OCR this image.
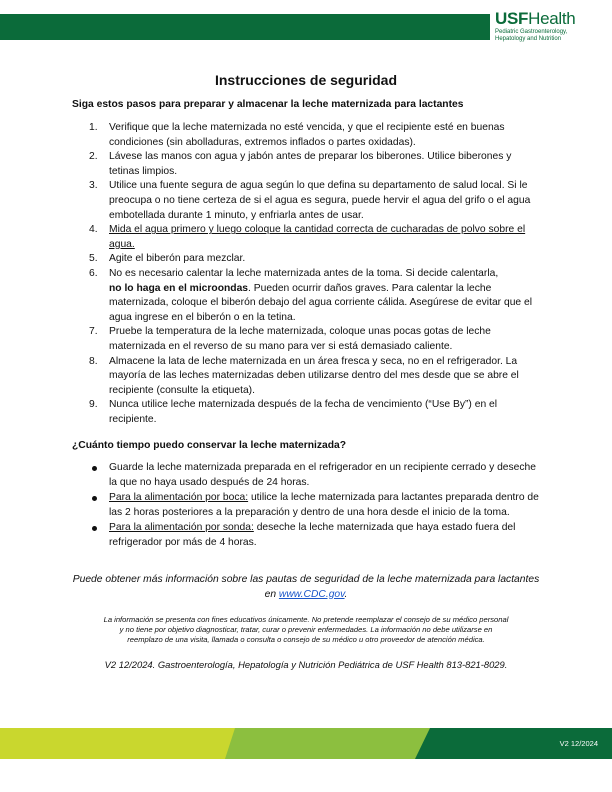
USFHealth
Pediatric Gastroenterology,
Hepatology and Nutrition
Instrucciones de seguridad
Siga estos pasos para preparar y almacenar la leche maternizada para lactantes
1. Verifique que la leche maternizada no esté vencida, y que el recipiente esté en buenas condiciones (sin abolladuras, extremos inflados o partes oxidadas).
2. Lávese las manos con agua y jabón antes de preparar los biberones. Utilice biberones y tetinas limpios.
3. Utilice una fuente segura de agua según lo que defina su departamento de salud local. Si le preocupa o no tiene certeza de si el agua es segura, puede hervir el agua del grifo o el agua embotellada durante 1 minuto, y enfriarla antes de usar.
4. Mida el agua primero y luego coloque la cantidad correcta de cucharadas de polvo sobre el agua.
5. Agite el biberón para mezclar.
6. No es necesario calentar la leche maternizada antes de la toma. Si decide calentarla,
no lo haga en el microondas. Pueden ocurrir daños graves. Para calentar la leche maternizada, coloque el biberón debajo del agua corriente cálida. Asegúrese de evitar que el agua ingrese en el biberón o en la tetina.
7. Pruebe la temperatura de la leche maternizada, coloque unas pocas gotas de leche maternizada en el reverso de su mano para ver si está demasiado caliente.
8. Almacene la lata de leche maternizada en un área fresca y seca, no en el refrigerador. La mayoría de las leches maternizadas deben utilizarse dentro del mes desde que se abre el recipiente (consulte la etiqueta).
9. Nunca utilice leche maternizada después de la fecha de vencimiento (“Use By”) en el recipiente.
¿Cuánto tiempo puedo conservar la leche maternizada?
Guarde la leche maternizada preparada en el refrigerador en un recipiente cerrado y deseche la que no haya usado después de 24 horas.
Para la alimentación por boca: utilice la leche maternizada para lactantes preparada dentro de las 2 horas posteriores a la preparación y dentro de una hora desde el inicio de la toma.
Para la alimentación por sonda: deseche la leche maternizada que haya estado fuera del refrigerador por más de 4 horas.
Puede obtener más información sobre las pautas de seguridad de la leche maternizada para lactantes en www.CDC.gov.
La información se presenta con fines educativos únicamente. No pretende reemplazar el consejo de su médico personal
y no tiene por objetivo diagnosticar, tratar, curar o prevenir enfermedades. La información no debe utilizarse en
reemplazo de una visita, llamada o consulta o consejo de su médico u otro proveedor de atención médica.
V2 12/2024. Gastroenterología, Hepatología y Nutrición Pediátrica de USF Health 813-821-8029.
V2 12/2024
